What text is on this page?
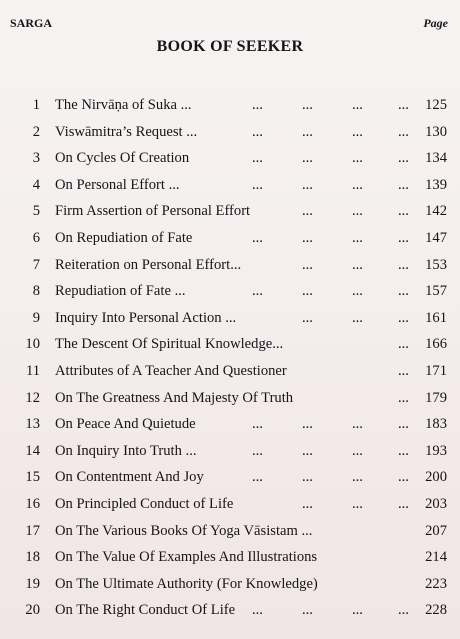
SARGA	Page
BOOK OF SEEKER
1 The Nirvāṇa of Suka ...	...	...	... ... 125
2 Viswāmitra’s Request ...	...	...	... ... 130
3 On Cycles Of Creation	...	...	... ... 134
4 On Personal Effort ...	...	...	... ... 139
5 Firm Assertion of Personal Effort	...	... ... 142
6 On Repudiation of Fate	...	...	... ... 147
7 Reiteration on Personal Effort...	...	... ... 153
8 Repudiation of Fate ...	...	...	... ... 157
9 Inquiry Into Personal Action ...	...	... ... 161
10 The Descent Of Spiritual Knowledge...	... 166
11 Attributes of A Teacher And Questioner	... 171
12 On The Greatness And Majesty Of Truth	... 179
13 On Peace And Quietude	...	...	... ... 183
14 On Inquiry Into Truth ...	...	...	... ... 193
15 On Contentment And Joy	...	...	... ... 200
16 On Principled Conduct of Life	...	... ... 203
17 On The Various Books Of Yoga Vāsistam ...	207
18 On The Value Of Examples And Illustrations	214
19 On The Ultimate Authority (For Knowledge)	223
20 On The Right Conduct Of Life ...	...	... ... 228
